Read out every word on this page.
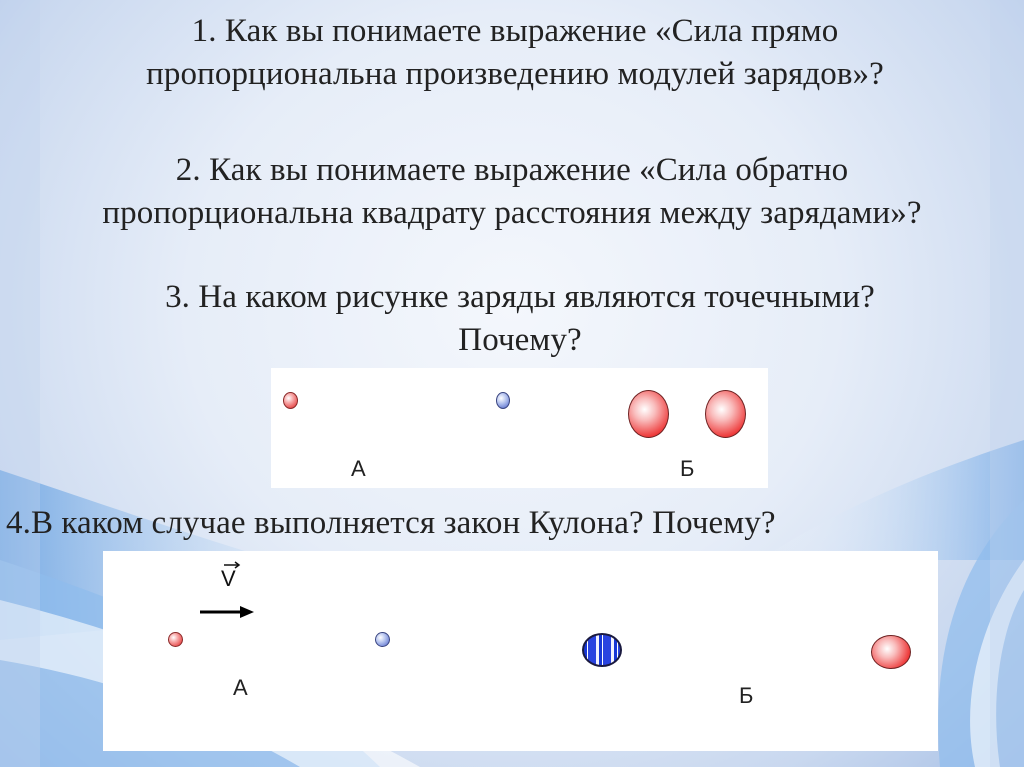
1. Как вы понимаете выражение «Сила прямо
пропорциональна произведению модулей зарядов»?
2. Как вы понимаете выражение «Сила обратно
пропорциональна квадрату расстояния между зарядами»?
3. На каком рисунке заряды являются точечными?
Почему?
А	Б
4.В каком случае выполняется закон Кулона? Почему?
V
А	Б
